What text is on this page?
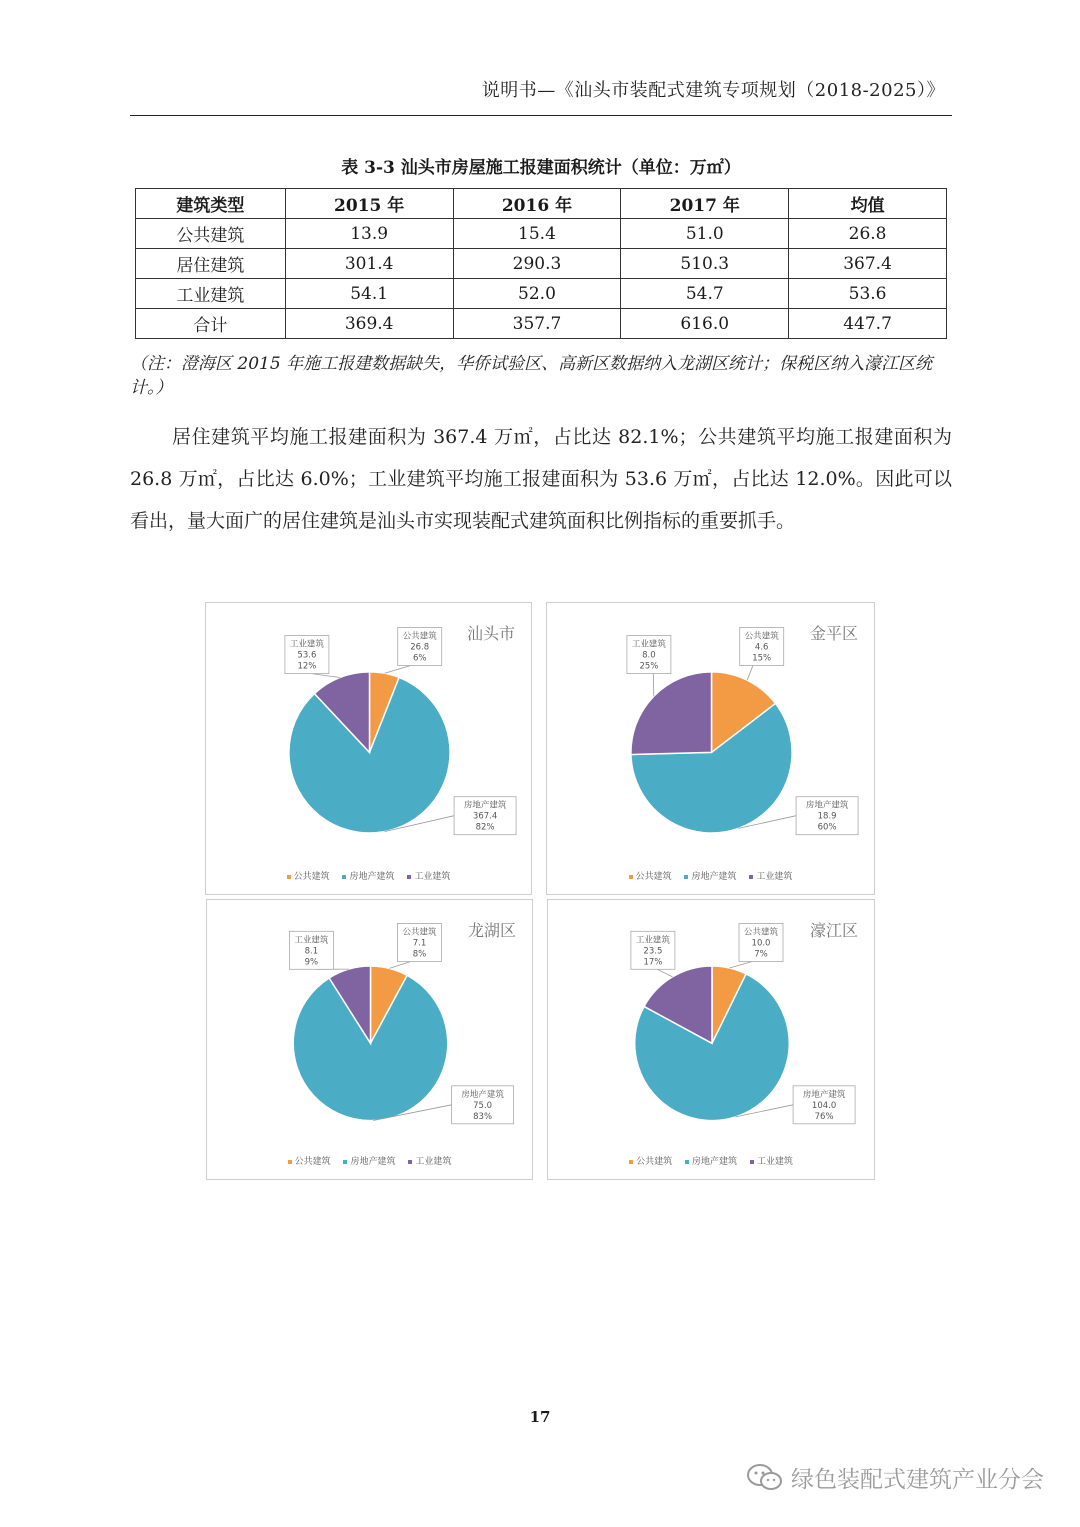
说明书—《汕头市装配式建筑专项规划（2018-2025）》
表 3-3 汕头市房屋施工报建面积统计（单位：万㎡）
建筑类型	2015 年	2016 年	2017 年	均值
公共建筑	13.9	15.4	51.0	26.8
居住建筑	301.4	290.3	510.3	367.4
工业建筑	54.1	52.0	54.7	53.6
合计	369.4	357.7	616.0	447.7
（注：澄海区 2015 年施工报建数据缺失，华侨试验区、高新区数据纳入龙湖区统计；保税区纳入濠江区统计。）
居住建筑平均施工报建面积为 367.4 万㎡，占比达 82.1%；公共建筑平均施工报建面积为 26.8 万㎡，占比达 6.0%；工业建筑平均施工报建面积为 53.6 万㎡，占比达 12.0%。因此可以看出，量大面广的居住建筑是汕头市实现装配式建筑面积比例指标的重要抓手。
公共建筑
26.8
6%
房地产建筑
367.4
82%
工业建筑
53.6
12%
汕头市
公共建筑 房地产建筑 工业建筑
公共建筑
4.6
15%
房地产建筑
18.9
60%
工业建筑
8.0
25%
金平区
公共建筑 房地产建筑 工业建筑
公共建筑
7.1
8%
房地产建筑
75.0
83%
工业建筑
8.1
9%
龙湖区
公共建筑 房地产建筑 工业建筑
公共建筑
10.0
7%
房地产建筑
104.0
76%
工业建筑
23.5
17%
濠江区
公共建筑 房地产建筑 工业建筑
17
绿色装配式建筑产业分会
